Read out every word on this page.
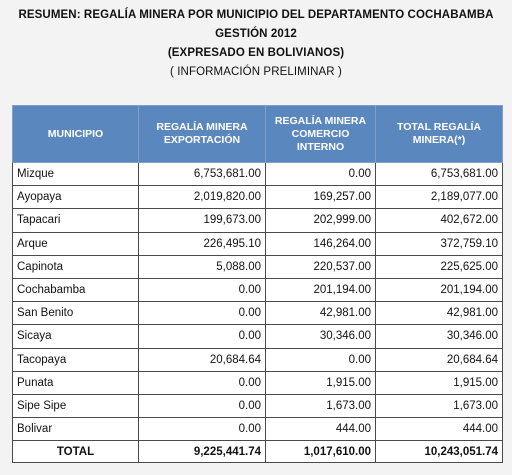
RESUMEN: REGALÍA MINERA POR MUNICIPIO DEL DEPARTAMENTO COCHABAMBA
GESTIÓN 2012
(EXPRESADO EN BOLIVIANOS)
( INFORMACIÓN PRELIMINAR )
MUNICIPIO	REGALÍA MINERA EXPORTACIÓN	REGALÍA MINERA COMERCIO INTERNO	TOTAL REGALÍA MINERA(*)
Mizque	6,753,681.00	0.00	6,753,681.00
Ayopaya	2,019,820.00	169,257.00	2,189,077.00
Tapacari	199,673.00	202,999.00	402,672.00
Arque	226,495.10	146,264.00	372,759.10
Capinota	5,088.00	220,537.00	225,625.00
Cochabamba	0.00	201,194.00	201,194.00
San Benito	0.00	42,981.00	42,981.00
Sicaya	0.00	30,346.00	30,346.00
Tacopaya	20,684.64	0.00	20,684.64
Punata	0.00	1,915.00	1,915.00
Sipe Sipe	0.00	1,673.00	1,673.00
Bolivar	0.00	444.00	444.00
TOTAL	9,225,441.74	1,017,610.00	10,243,051.74
